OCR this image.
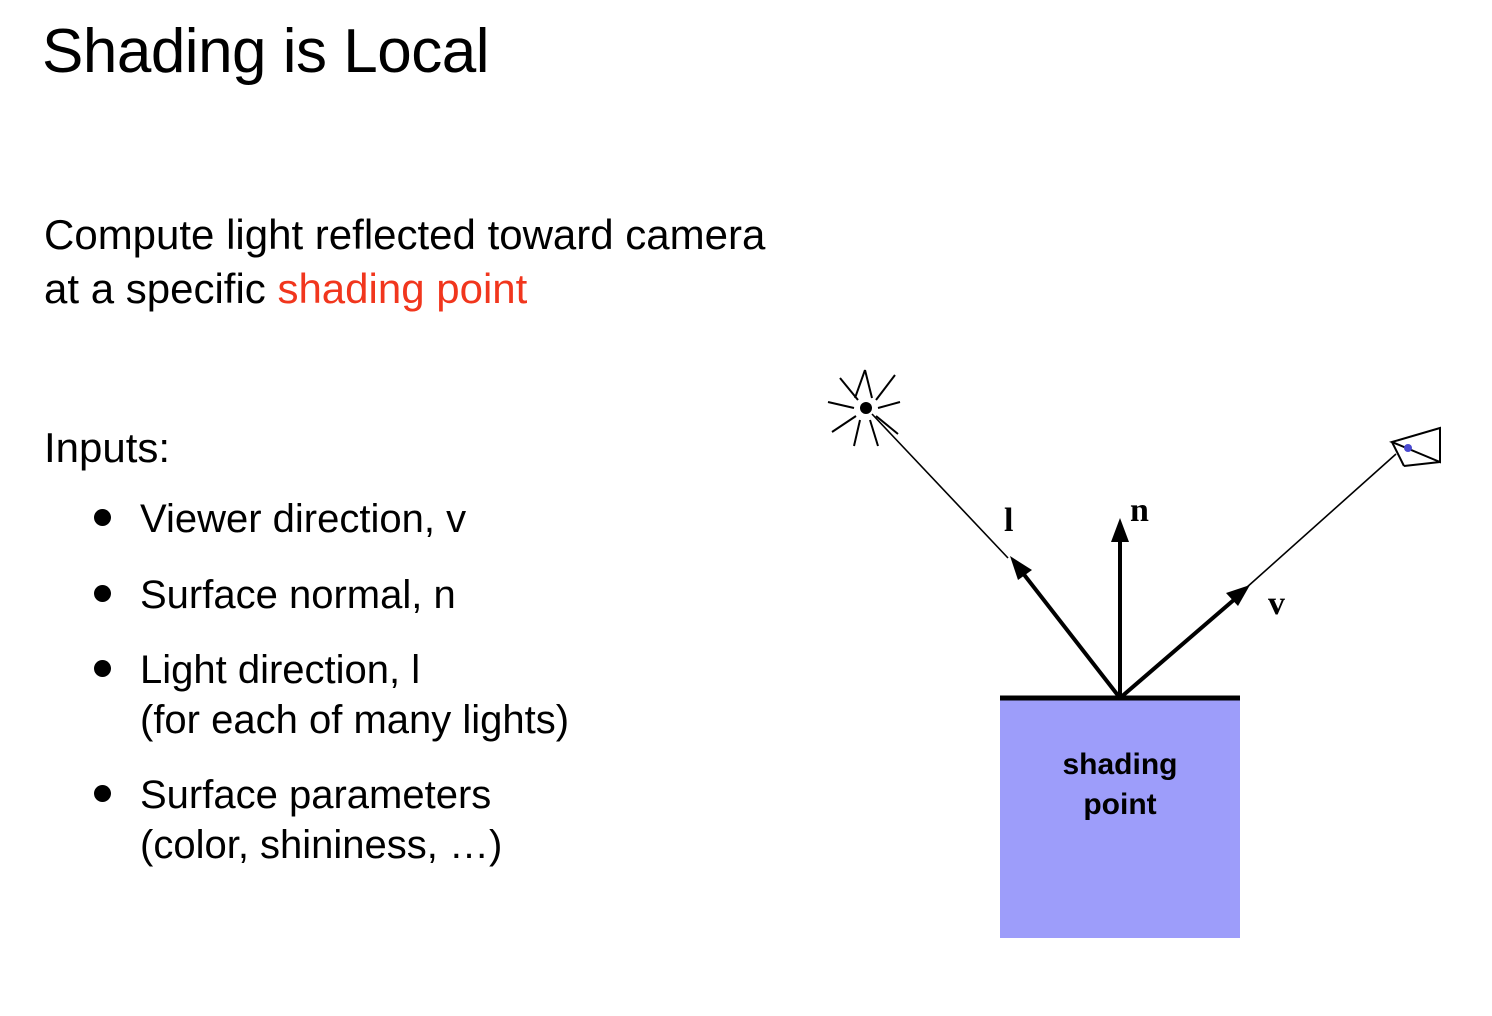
Shading is Local
Compute light reflected toward camera
at a specific shading point
Inputs:
Viewer direction, v
Surface normal, n
Light direction, l
(for each of many lights)
Surface parameters
(color, shininess, …)
l	n
v
shading
point
